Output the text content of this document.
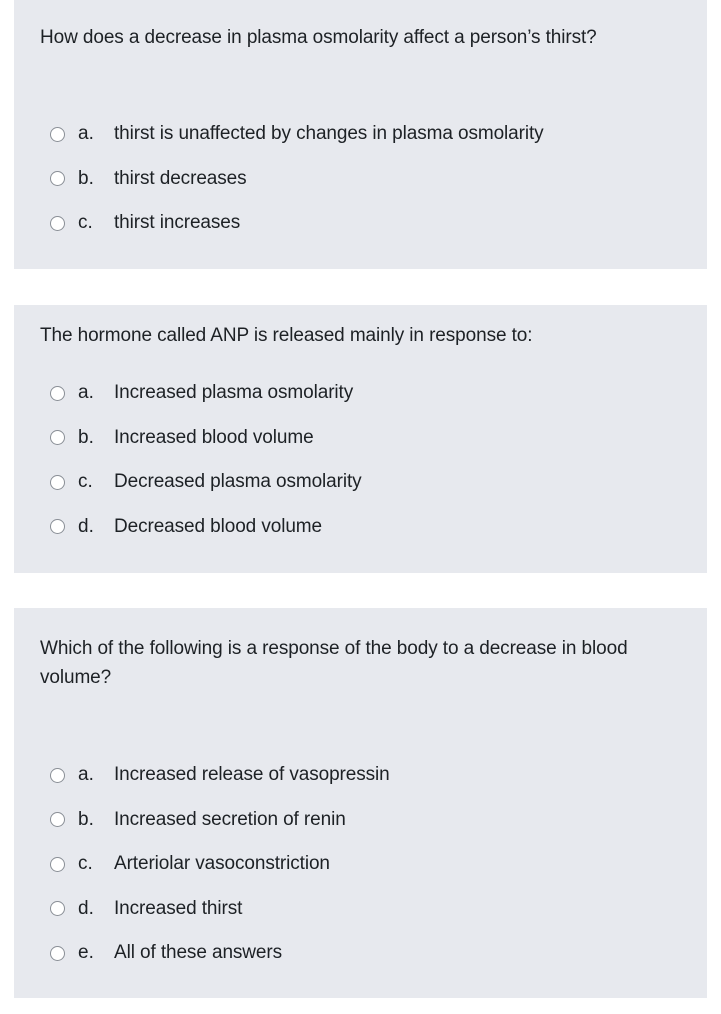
How does a decrease in plasma osmolarity affect a person’s thirst?

a.	thirst is unaffected by changes in plasma osmolarity
b.	thirst decreases
c.	thirst increases

The hormone called ANP is released mainly in response to:

a.	Increased plasma osmolarity
b.	Increased blood volume
c.	Decreased plasma osmolarity
d.	Decreased blood volume

Which of the following is a response of the body to a decrease in blood volume?

a.	Increased release of vasopressin
b.	Increased secretion of renin
c.	Arteriolar vasoconstriction
d.	Increased thirst
e.	All of these answers
